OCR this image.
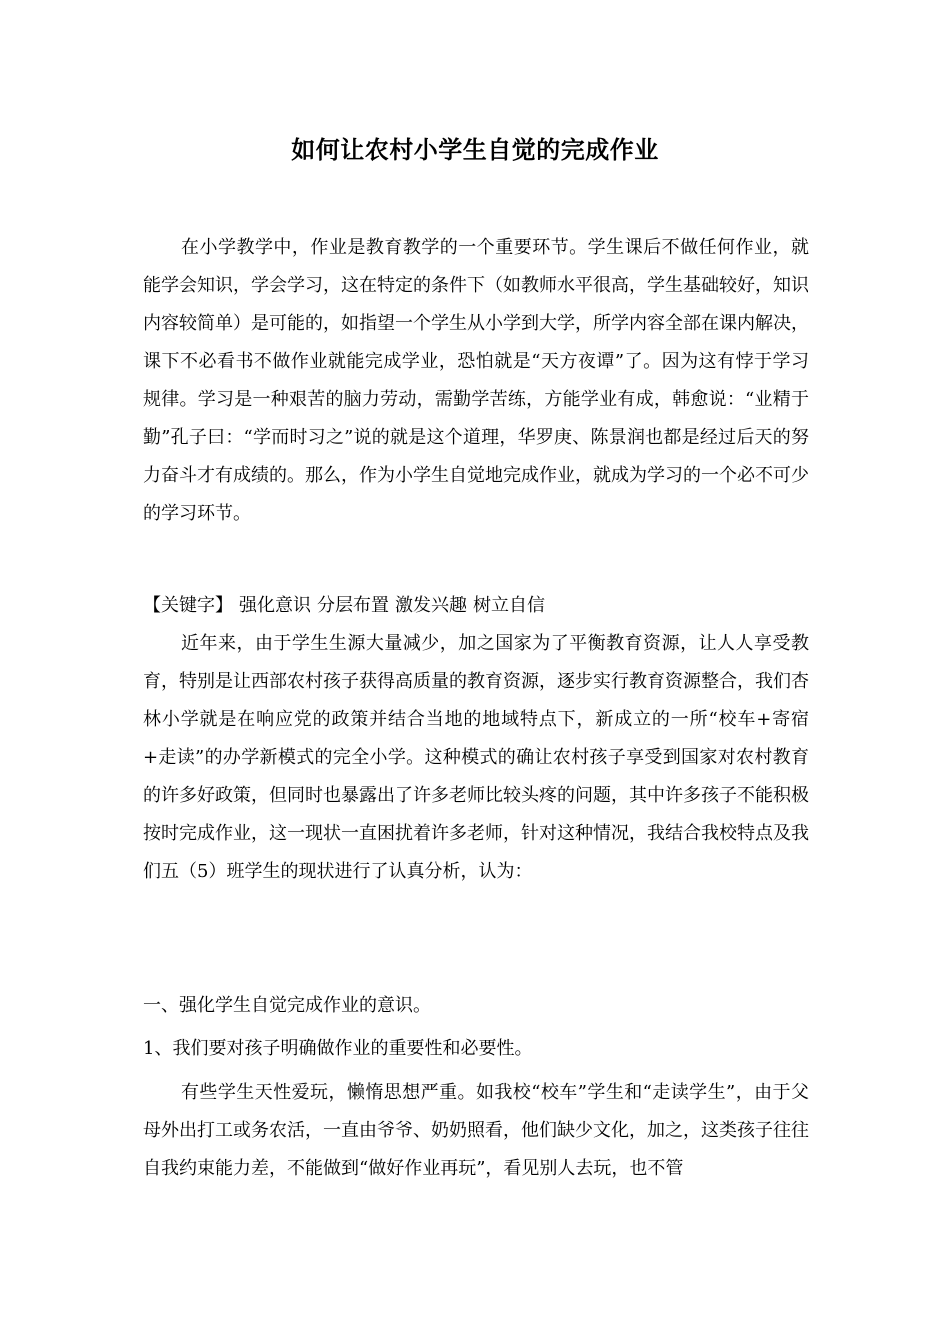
如何让农村小学生自觉的完成作业

在小学教学中，作业是教育教学的一个重要环节。学生课后不做任何作业，就能学会知识，学会学习，这在特定的条件下（如教师水平很高，学生基础较好，知识内容较简单）是可能的，如指望一个学生从小学到大学，所学内容全部在课内解决，课下不必看书不做作业就能完成学业，恐怕就是“天方夜谭”了。因为这有悖于学习规律。学习是一种艰苦的脑力劳动，需勤学苦练，方能学业有成，韩愈说：“业精于勤”孔子曰：“学而时习之”说的就是这个道理，华罗庚、陈景润也都是经过后天的努力奋斗才有成绩的。那么，作为小学生自觉地完成作业，就成为学习的一个必不可少的学习环节。

【关键字】 强化意识 分层布置 激发兴趣 树立自信

近年来，由于学生生源大量减少，加之国家为了平衡教育资源，让人人享受教育，特别是让西部农村孩子获得高质量的教育资源，逐步实行教育资源整合，我们杏林小学就是在响应党的政策并结合当地的地域特点下，新成立的一所“校车+寄宿+走读”的办学新模式的完全小学。这种模式的确让农村孩子享受到国家对农村教育的许多好政策，但同时也暴露出了许多老师比较头疼的问题，其中许多孩子不能积极按时完成作业，这一现状一直困扰着许多老师，针对这种情况，我结合我校特点及我们五（5）班学生的现状进行了认真分析，认为：

一、强化学生自觉完成作业的意识。

1、我们要对孩子明确做作业的重要性和必要性。

有些学生天性爱玩，懒惰思想严重。如我校“校车”学生和“走读学生”，由于父母外出打工或务农活，一直由爷爷、奶奶照看，他们缺少文化，加之，这类孩子往往自我约束能力差，不能做到“做好作业再玩”，看见别人去玩，也不管
